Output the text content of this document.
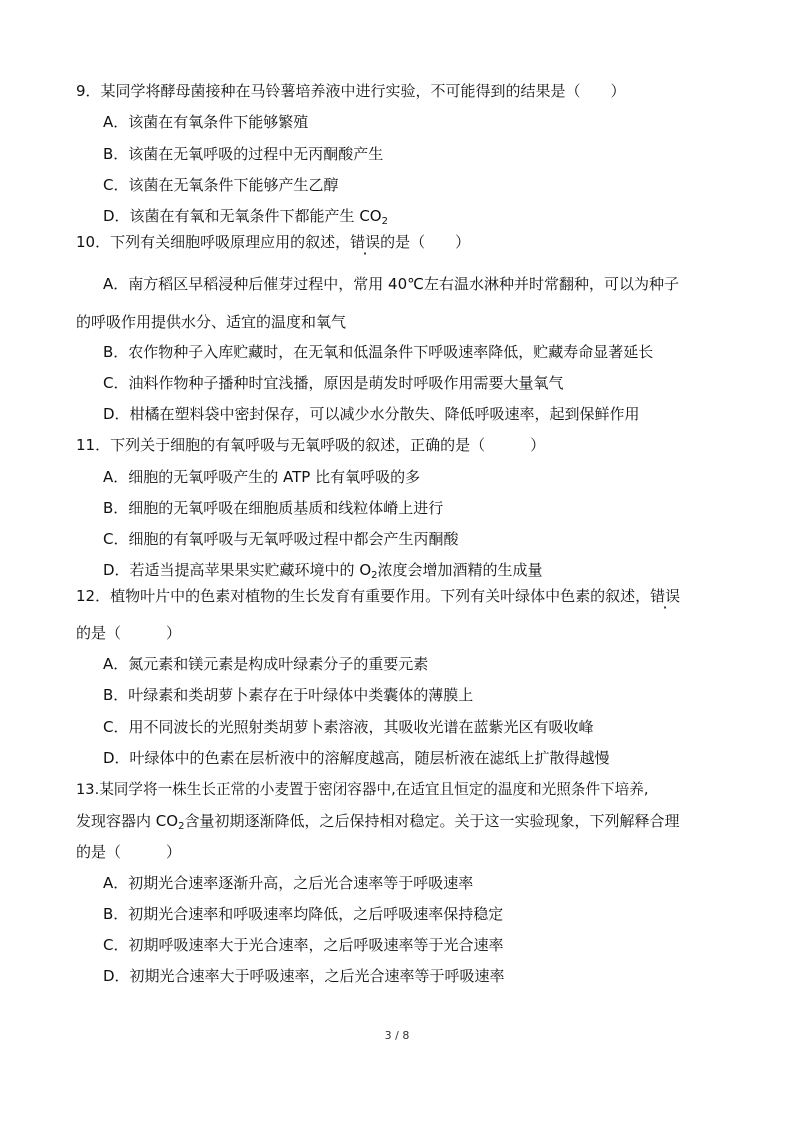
9．某同学将酵母菌接种在马铃薯培养液中进行实验，不可能得到的结果是（　　）
A．该菌在有氧条件下能够繁殖
B．该菌在无氧呼吸的过程中无丙酮酸产生
C．该菌在无氧条件下能够产生乙醇
D．该菌在有氧和无氧条件下都能产生 $CO_2$
10．下列有关细胞呼吸原理应用的叙述，错误的是（　　）
A．南方稻区早稻浸种后催芽过程中，常用 40℃左右温水淋种并时常翻种，可以为种子
的呼吸作用提供水分、适宜的温度和氧气
B．农作物种子入库贮藏时，在无氧和低温条件下呼吸速率降低，贮藏寿命显著延长
C．油料作物种子播种时宜浅播，原因是萌发时呼吸作用需要大量氧气
D．柑橘在塑料袋中密封保存，可以减少水分散失、降低呼吸速率，起到保鲜作用
11．下列关于细胞的有氧呼吸与无氧呼吸的叙述，正确的是（　　　）
A．细胞的无氧呼吸产生的 ATP 比有氧呼吸的多
B．细胞的无氧呼吸在细胞质基质和线粒体嵴上进行
C．细胞的有氧呼吸与无氧呼吸过程中都会产生丙酮酸
D．若适当提高苹果果实贮藏环境中的 $O_2$浓度会增加酒精的生成量
12．植物叶片中的色素对植物的生长发育有重要作用。下列有关叶绿体中色素的叙述，错误
的是（　　　）
A．氮元素和镁元素是构成叶绿素分子的重要元素
B．叶绿素和类胡萝卜素存在于叶绿体中类囊体的薄膜上
C．用不同波长的光照射类胡萝卜素溶液，其吸收光谱在蓝紫光区有吸收峰
D．叶绿体中的色素在层析液中的溶解度越高，随层析液在滤纸上扩散得越慢
13.某同学将一株生长正常的小麦置于密闭容器中,在适宜且恒定的温度和光照条件下培养,
发现容器内 $CO_2$含量初期逐渐降低，之后保持相对稳定。关于这一实验现象，下列解释合理
的是（　　　）
A．初期光合速率逐渐升高，之后光合速率等于呼吸速率
B．初期光合速率和呼吸速率均降低，之后呼吸速率保持稳定
C．初期呼吸速率大于光合速率，之后呼吸速率等于光合速率
D．初期光合速率大于呼吸速率，之后光合速率等于呼吸速率
3 / 8
